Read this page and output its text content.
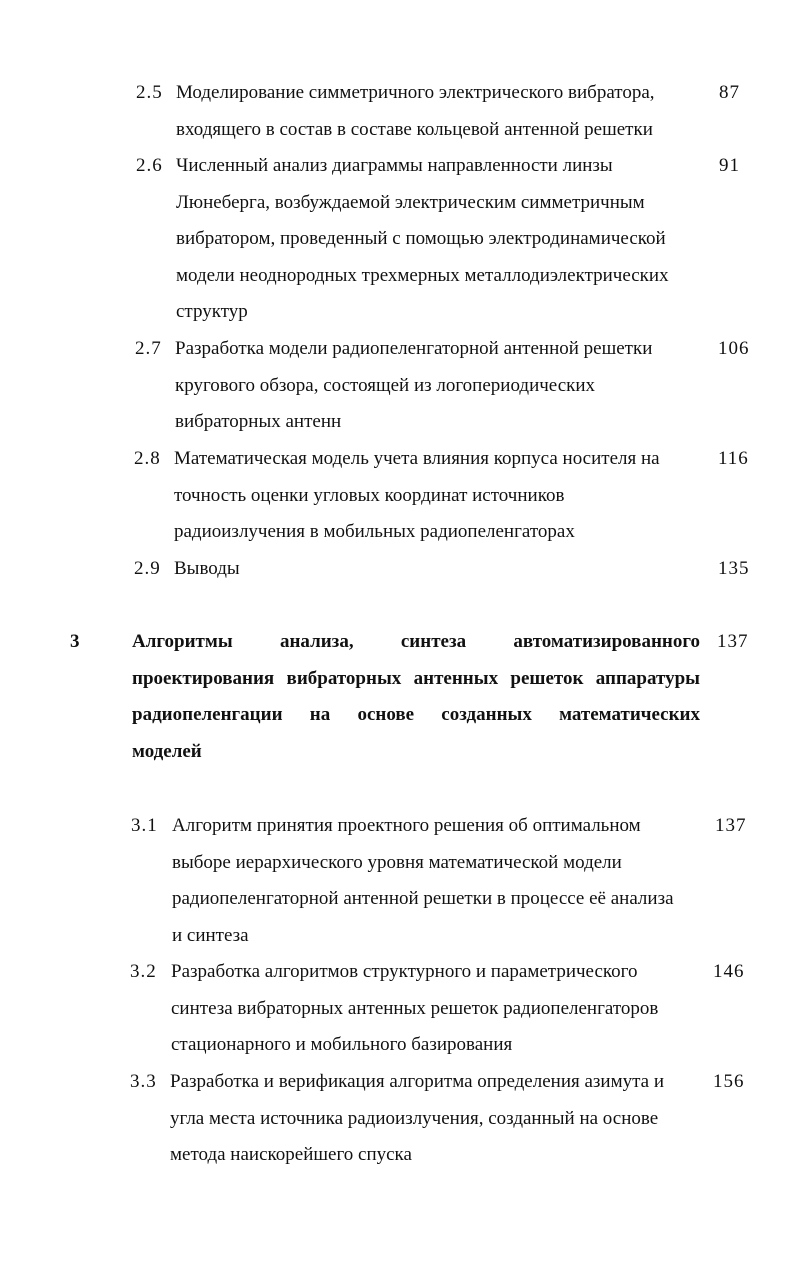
2.5 Моделирование симметричного электрического вибратора,
входящего в состав в составе кольцевой антенной решетки
87
2.6 Численный анализ диаграммы направленности линзы
Люнеберга, возбуждаемой электрическим симметричным
вибратором, проведенный с помощью электродинамической
модели неоднородных трехмерных металлодиэлектрических
структур
91
2.7 Разработка модели радиопеленгаторной антенной решетки
кругового обзора, состоящей из логопериодических
вибраторных антенн
106
2.8 Математическая модель учета влияния корпуса носителя на
точность оценки угловых координат источников
радиоизлучения в мобильных радиопеленгаторах
116
2.9 Выводы	135
3	Алгоритмы анализа, синтеза автоматизированного
проектирования вибраторных антенных решеток аппаратуры
радиопеленгации на основе созданных математических
моделей
137
3.1 Алгоритм принятия проектного решения об оптимальном
выборе иерархического уровня математической модели
радиопеленгаторной антенной решетки в процессе её анализа
и синтеза
137
3.2 Разработка алгоритмов структурного и параметрического
синтеза вибраторных антенных решеток радиопеленгаторов
стационарного и мобильного базирования
146
3.3 Разработка и верификация алгоритма определения азимута и
угла места источника радиоизлучения, созданный на основе
метода наискорейшего спуска
156
